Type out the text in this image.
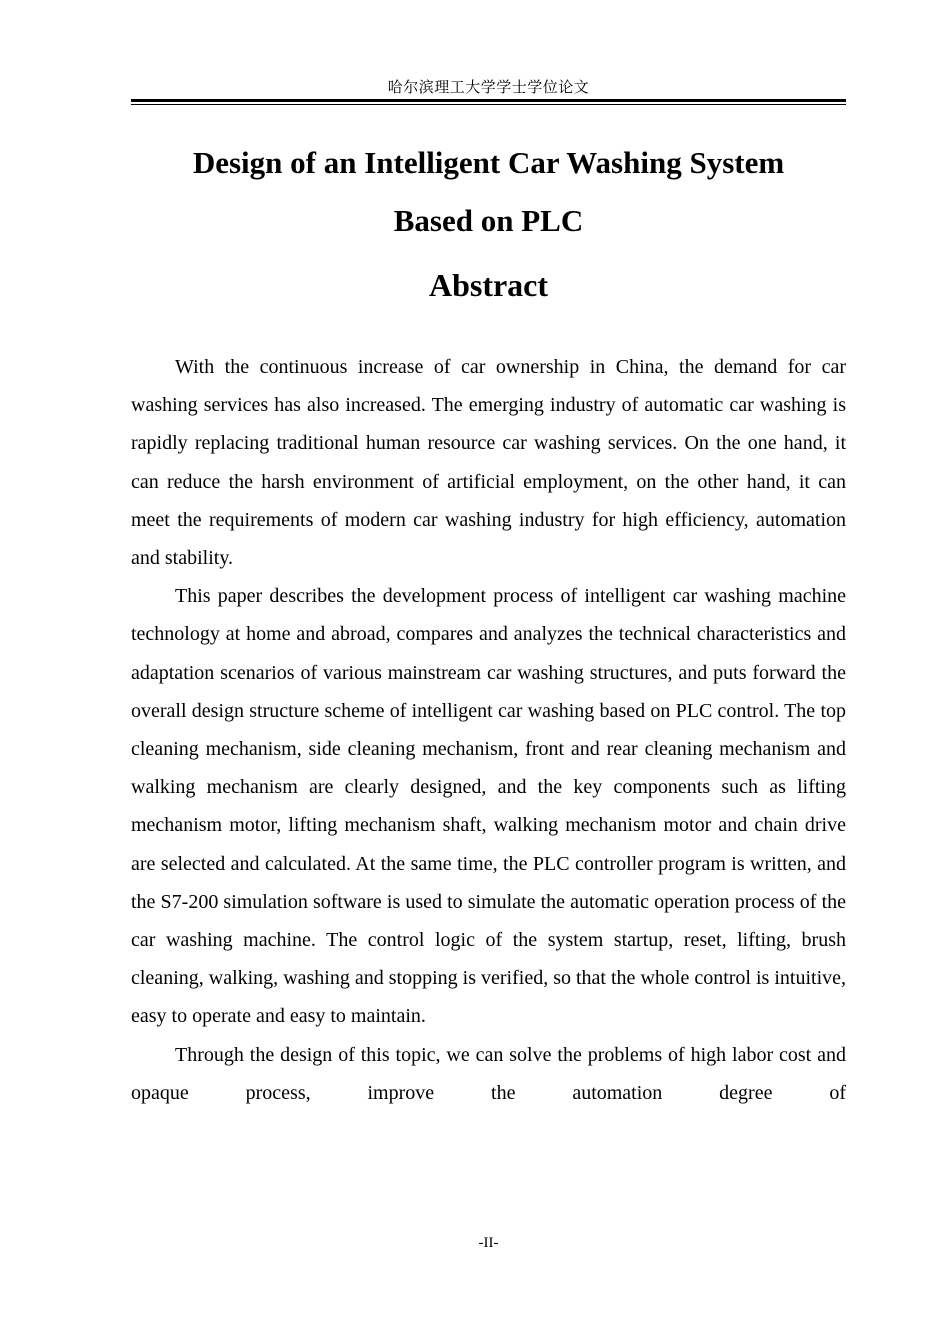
哈尔滨理工大学学士学位论文
Design of an Intelligent Car Washing System
Based on PLC
Abstract

With the continuous increase of car ownership in China, the demand for car washing services has also increased. The emerging industry of automatic car washing is rapidly replacing traditional human resource car washing services. On the one hand, it can reduce the harsh environment of artificial employment, on the other hand, it can meet the requirements of modern car washing industry for high efficiency, automation and stability.

This paper describes the development process of intelligent car washing machine technology at home and abroad, compares and analyzes the technical characteristics and adaptation scenarios of various mainstream car washing structures, and puts forward the overall design structure scheme of intelligent car washing based on PLC control. The top cleaning mechanism, side cleaning mechanism, front and rear cleaning mechanism and walking mechanism are clearly designed, and the key components such as lifting mechanism motor, lifting mechanism shaft, walking mechanism motor and chain drive are selected and calculated. At the same time, the PLC controller program is written, and the S7-200 simulation software is used to simulate the automatic operation process of the car washing machine. The control logic of the system startup, reset, lifting, brush cleaning, walking, washing and stopping is verified, so that the whole control is intuitive, easy to operate and easy to maintain.

Through the design of this topic, we can solve the problems of high labor cost and opaque process, improve the automation degree of

-II-
